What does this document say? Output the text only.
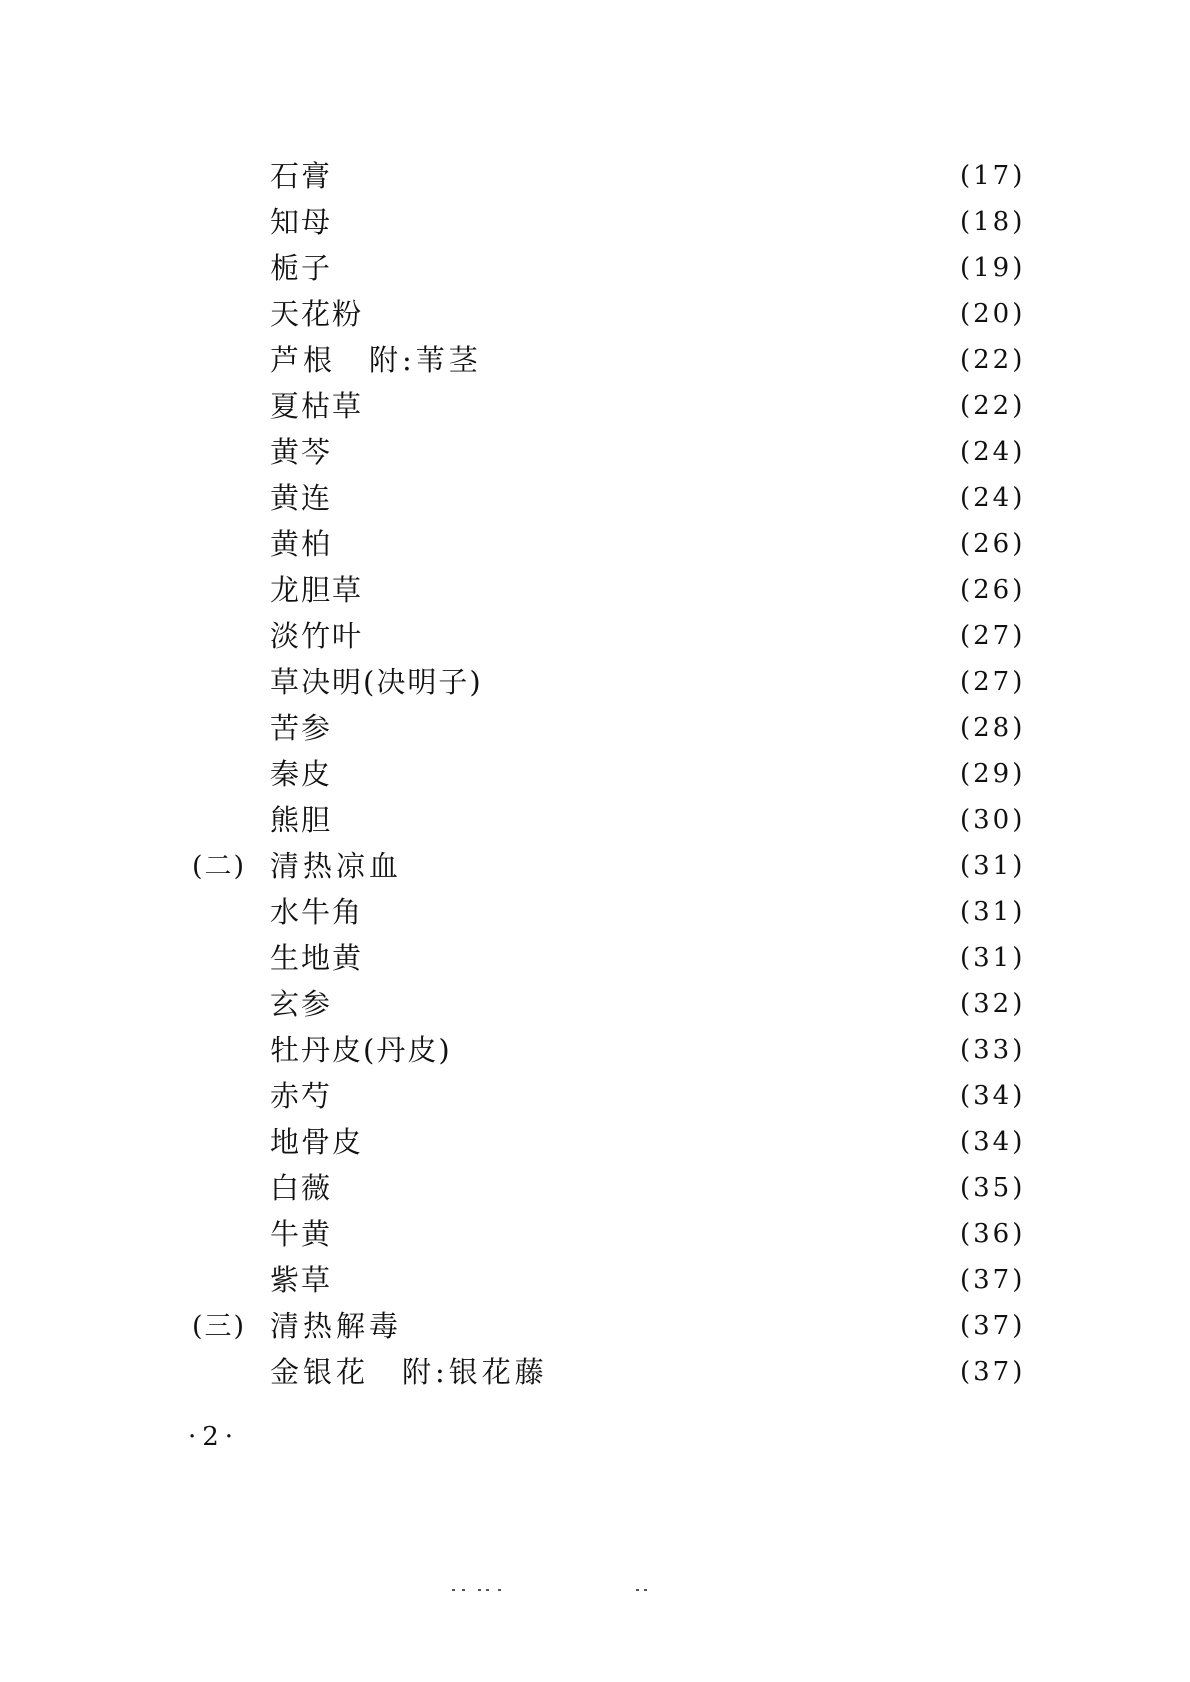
石膏	(17)
知母	(18)
栀子	(19)
天花粉	(20)
芦根　附:苇茎	(22)
夏枯草	(22)
黄芩	(24)
黄连	(24)
黄柏	(26)
龙胆草	(26)
淡竹叶	(27)
草决明(决明子)	(27)
苦参	(28)
秦皮	(29)
熊胆	(30)
(二) 清热凉血	(31)
水牛角	(31)
生地黄	(31)
玄参	(32)
牡丹皮(丹皮)	(33)
赤芍	(34)
地骨皮	(34)
白薇	(35)
牛黄	(36)
紫草	(37)
(三) 清热解毒	(37)
金银花　附:银花藤	(37)
·2·
